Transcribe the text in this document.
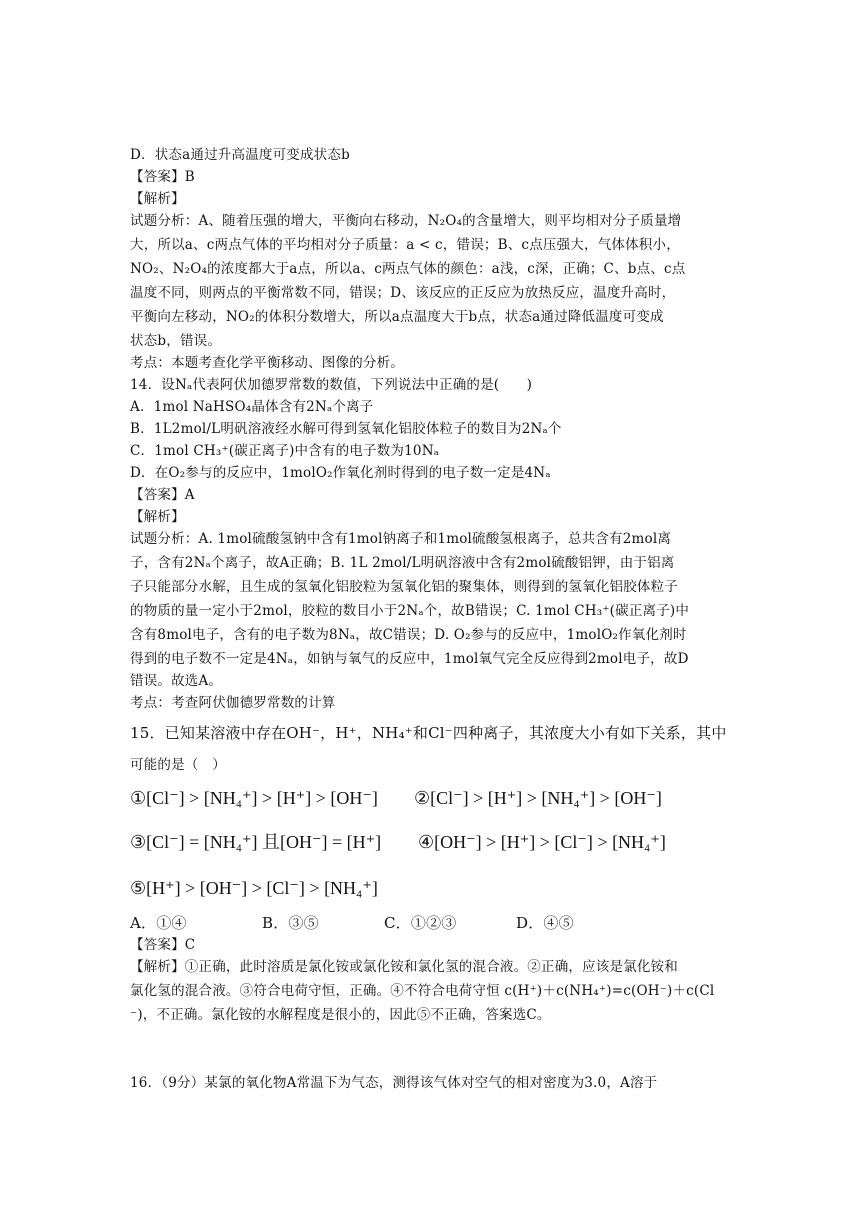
D．状态a通过升高温度可变成状态b
【答案】B
【解析】
试题分析：A、随着压强的增大，平衡向右移动，N₂O₄的含量增大，则平均相对分子质量增
大，所以a、c两点气体的平均相对分子质量：a < c，错误；B、c点压强大，气体体积小，
NO₂、N₂O₄的浓度都大于a点，所以a、c两点气体的颜色：a浅，c深，正确；C、b点、c点
温度不同，则两点的平衡常数不同，错误；D、该反应的正反应为放热反应，温度升高时，
平衡向左移动，NO₂的体积分数增大，所以a点温度大于b点，状态a通过降低温度可变成
状态b，错误。
考点：本题考查化学平衡移动、图像的分析。
14．设Nₐ代表阿伏加德罗常数的数值，下列说法中正确的是(　　)
A．1mol NaHSO₄晶体含有2Nₐ个离子
B．1L2mol/L明矾溶液经水解可得到氢氧化铝胶体粒子的数目为2Nₐ个
C．1mol CH₃⁺(碳正离子)中含有的电子数为10Nₐ
D．在O₂参与的反应中，1molO₂作氧化剂时得到的电子数一定是4Nₐ
【答案】A
【解析】
试题分析：A. 1mol硫酸氢钠中含有1mol钠离子和1mol硫酸氢根离子，总共含有2mol离
子，含有2Nₐ个离子，故A正确；B. 1L 2mol/L明矾溶液中含有2mol硫酸铝钾，由于铝离
子只能部分水解，且生成的氢氧化铝胶粒为氢氧化铝的聚集体，则得到的氢氧化铝胶体粒子
的物质的量一定小于2mol，胶粒的数目小于2Nₐ个，故B错误；C. 1mol CH₃⁺(碳正离子)中
含有8mol电子，含有的电子数为8Nₐ，故C错误；D. O₂参与的反应中，1molO₂作氧化剂时
得到的电子数不一定是4Nₐ，如钠与氧气的反应中，1mol氧气完全反应得到2mol电子，故D
错误。故选A。
考点：考查阿伏伽德罗常数的计算
15．已知某溶液中存在OH⁻，H⁺，NH₄⁺和Cl⁻四种离子，其浓度大小有如下关系，其中
可能的是（　）
①[Cl⁻] > [NH₄⁺] > [H⁺] > [OH⁻] ②[Cl⁻] > [H⁺] > [NH₄⁺] > [OH⁻]
③[Cl⁻] = [NH₄⁺] 且[OH⁻] = [H⁺] ④[OH⁻] > [H⁺] > [Cl⁻] > [NH₄⁺]
⑤[H⁺] > [OH⁻] > [Cl⁻] > [NH₄⁺]
A．①④	B．③⑤	C．①②③	D．④⑤
【答案】C
【解析】①正确，此时溶质是氯化铵或氯化铵和氯化氢的混合液。②正确，应该是氯化铵和
氯化氢的混合液。③符合电荷守恒，正确。④不符合电荷守恒 c(H⁺)＋c(NH₄⁺)=c(OH⁻)＋c(Cl
⁻)，不正确。氯化铵的水解程度是很小的，因此⑤不正确，答案选C。
16．（9分）某氯的氧化物A常温下为气态，测得该气体对空气的相对密度为3.0，A溶于
